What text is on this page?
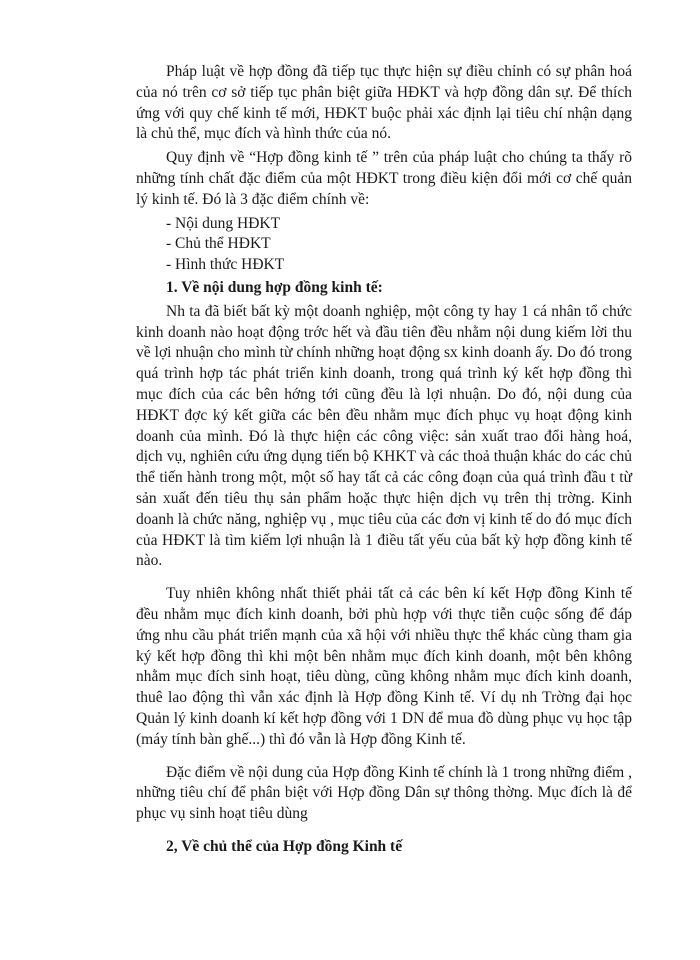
Pháp luật về hợp đồng đã tiếp tục thực hiện sự điều chỉnh có sự phân hoá của nó trên cơ sở tiếp tục phân biệt giữa HĐKT và hợp đồng dân sự. Để thích ứng với quy chế kinh tế mới, HĐKT buộc phải xác định lại tiêu chí nhận dạng là chủ thể, mục đích và hình thức của nó.

Quy định về “Hợp đồng kinh tế ” trên của pháp luật cho chúng ta thấy rõ những tính chất đặc điểm của một HĐKT trong điều kiện đổi mới cơ chế quản lý kinh tế. Đó là 3 đặc điểm chính về:

- Nội dung HĐKT

- Chủ thể HĐKT

- Hình thức HĐKT

1. Về nội dung hợp đồng kinh tế:

Nh ta đã biết bất kỳ một doanh nghiệp, một công ty hay 1 cá nhân tổ chức kinh doanh nào hoạt động trớc hết và đầu tiên đều nhằm nội dung kiếm lời thu về lợi nhuận cho mình từ chính những hoạt động sx kinh doanh ấy. Do đó trong quá trình hợp tác phát triển kinh doanh, trong quá trình ký kết hợp đồng thì mục đích của các bên hớng tới cũng đều là lợi nhuận. Do đó, nội dung của HĐKT đợc ký kết giữa các bên đều nhằm mục đích phục vụ hoạt động kinh doanh của mình. Đó là thực hiện các công việc: sản xuất trao đổi hàng hoá, dịch vụ, nghiên cứu ứng dụng tiến bộ KHKT và các thoả thuận khác do các chủ thể tiến hành trong một, một số hay tất cả các công đoạn của quá trình đầu t từ sản xuất đến tiêu thụ sản phẩm hoặc thực hiện dịch vụ trên thị trờng. Kinh doanh là chức năng, nghiệp vụ , mục tiêu của các đơn vị kinh tế do đó mục đích của HĐKT là tìm kiếm lợi nhuận là 1 điều tất yếu của bất kỳ hợp đồng kinh tế nào.

Tuy nhiên không nhất thiết phải tất cả các bên kí kết Hợp đồng Kinh tế đều nhằm mục đích kinh doanh, bởi phù hợp với thực tiễn cuộc sống để đáp ứng nhu cầu phát triển mạnh của xã hội với nhiều thực thể khác cùng tham gia ký kết hợp đồng thì khi một bên nhằm mục đích kinh doanh, một bên không nhằm mục đích sinh hoạt, tiêu dùng, cũng không nhằm mục đích kinh doanh, thuê lao động thì vẫn xác định là Hợp đồng Kinh tế. Ví dụ nh Trờng đại học Quản lý kinh doanh kí kết hợp đồng với 1 DN để mua đồ dùng phục vụ học tập (máy tính bàn ghế...) thì đó vẫn là Hợp đồng Kinh tế.

Đặc điểm về nội dung của Hợp đồng Kinh tế chính là 1 trong những điểm , những tiêu chí để phân biệt với Hợp đồng Dân sự thông thờng. Mục đích là để phục vụ sinh hoạt tiêu dùng

2, Về chủ thể của Hợp đồng Kinh tế
